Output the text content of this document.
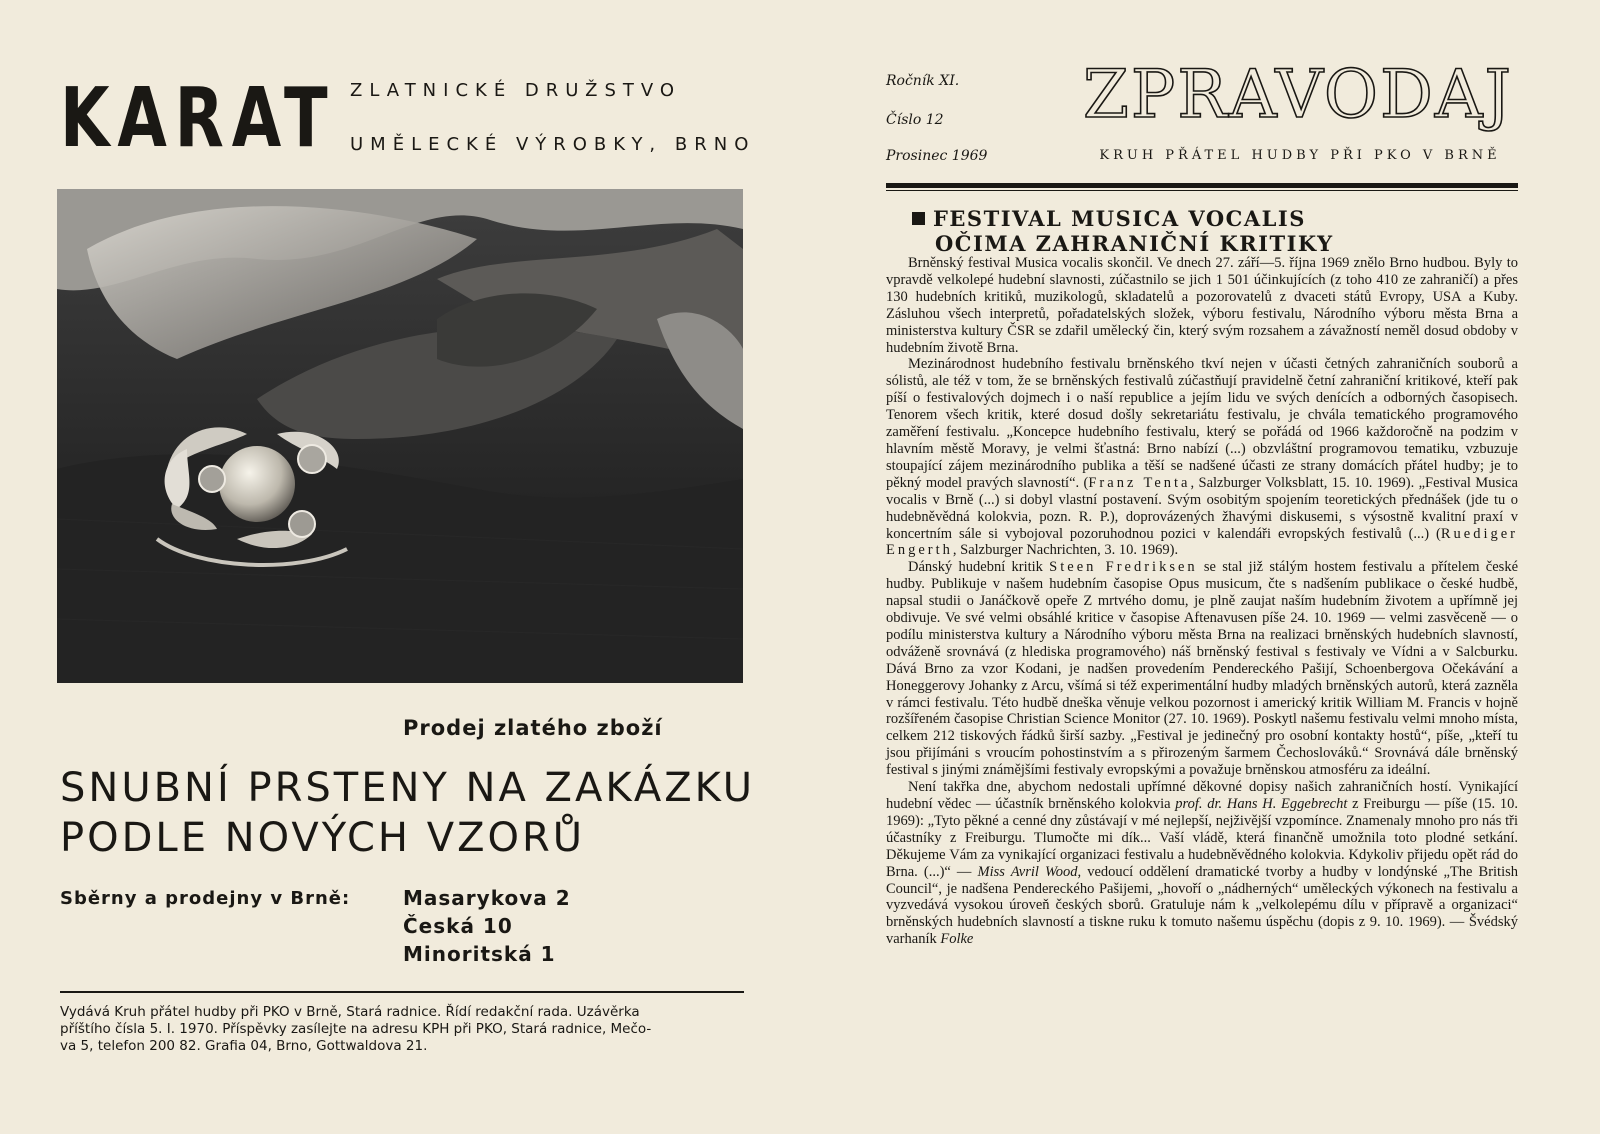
KARAT ZLATNICKÉ DRUŽSTVO
UMĚLECKÉ VÝROBKY, BRNO
Prodej zlatého zboží
SNUBNÍ PRSTENY NA ZAKÁZKU
PODLE NOVÝCH VZORŮ
Sběrny a prodejny v Brně:	Masarykova 2
Česká 10
Minoritská 1
Vydává Kruh přátel hudby při PKO v Brně, Stará radnice. Řídí redakční rada. Uzávěrka
příštího čísla 5. I. 1970. Příspěvky zasílejte na adresu KPH při PKO, Stará radnice, Mečo-
va 5, telefon 200 82. Grafia 04, Brno, Gottwaldova 21.
Ročník XI.
Číslo 12
Prosinec 1969
ZPRAVODAJ
KRUH PŘÁTEL HUDBY PŘI PKO V BRNĚ
FESTIVAL MUSICA VOCALIS
OČIMA ZAHRANIČNÍ KRITIKY

Brněnský festival Musica vocalis skončil. Ve dnech 27. září—5. října 1969 znělo Brno hudbou. Byly to vpravdě velkolepé hudební slavnosti, zúčastnilo se jich 1 501 účinkujících (z toho 410 ze zahraničí) a přes 130 hudebních kritiků, muzikologů, skladatelů a pozorovatelů z dvaceti států Evropy, USA a Kuby. Zásluhou všech interpretů, pořadatelských složek, výboru festivalu, Národního výboru města Brna a ministerstva kultury ČSR se zdařil umělecký čin, který svým rozsahem a závažností neměl dosud obdoby v hudebním životě Brna.

Mezinárodnost hudebního festivalu brněnského tkví nejen v účasti četných zahraničních souborů a sólistů, ale též v tom, že se brněnských festivalů zúčastňují pravidelně četní zahraniční kritikové, kteří pak píší o festivalových dojmech i o naší republice a jejím lidu ve svých denících a odborných časopisech. Tenorem všech kritik, které dosud došly sekretariátu festivalu, je chvála tematického programového zaměření festivalu. „Koncepce hudebního festivalu, který se pořádá od 1966 každoročně na podzim v hlavním městě Moravy, je velmi šťastná: Brno nabízí (...) obzvláštní programovou tematiku, vzbuzuje stoupající zájem mezinárodního publika a těší se nadšené účasti ze strany domácích přátel hudby; je to pěkný model pravých slavností“. (Franz Tenta, Salzburger Volksblatt, 15. 10. 1969). „Festival Musica vocalis v Brně (...) si dobyl vlastní postavení. Svým osobitým spojením teoretických přednášek (jde tu o hudebněvědná kolokvia, pozn. R. P.), doprovázených žhavými diskusemi, s výsostně kvalitní praxí v koncertním sále si vybojoval pozoruhodnou pozici v kalendáři evropských festivalů (...) (Ruediger Engerth, Salzburger Nachrichten, 3. 10. 1969).

Dánský hudební kritik Steen Fredriksen se stal již stálým hostem festivalu a přítelem české hudby. Publikuje v našem hudebním časopise Opus musicum, čte s nadšením publikace o české hudbě, napsal studii o Janáčkově opeře Z mrtvého domu, je plně zaujat naším hudebním životem a upřímně jej obdivuje. Ve své velmi obsáhlé kritice v časopise Aftenavusen píše 24. 10. 1969 — velmi zasvěceně — o podílu ministerstva kultury a Národního výboru města Brna na realizaci brněnských hudebních slavností, odváženě srovnává (z hlediska programového) náš brněnský festival s festivaly ve Vídni a v Salcburku. Dává Brno za vzor Kodani, je nadšen provedením Pendereckého Pašijí, Schoenbergova Očekávání a Honeggerovy Johanky z Arcu, všímá si též experimentální hudby mladých brněnských autorů, která zazněla v rámci festivalu. Této hudbě dneška věnuje velkou pozornost i americký kritik William M. Francis v hojně rozšířeném časopise Christian Science Monitor (27. 10. 1969). Poskytl našemu festivalu velmi mnoho místa, celkem 212 tiskových řádků širší sazby. „Festival je jedinečný pro osobní kontakty hostů“, píše, „kteří tu jsou přijímáni s vroucím pohostinstvím a s přirozeným šarmem Čechoslováků.“ Srovnává dále brněnský festival s jinými známějšími festivaly evropskými a považuje brněnskou atmosféru za ideální.

Není takřka dne, abychom nedostali upřímné děkovné dopisy našich zahraničních hostí. Vynikající hudební vědec — účastník brněnského kolokvia prof. dr. Hans H. Eggebrecht z Freiburgu — píše (15. 10. 1969): „Tyto pěkné a cenné dny zůstávají v mé nejlepší, nejživější vzpomínce. Znamenaly mnoho pro nás tři účastníky z Freiburgu. Tlumočte mi dík... Vaší vládě, která finančně umožnila toto plodné setkání. Děkujeme Vám za vynikající organizaci festivalu a hudebněvědného kolokvia. Kdykoliv přijedu opět rád do Brna. (...)“ — Miss Avril Wood, vedoucí oddělení dramatické tvorby a hudby v londýnské „The British Council“, je nadšena Pendereckého Pašijemi, „hovoří o „nádherných“ uměleckých výkonech na festivalu a vyzvedává vysokou úroveň českých sborů. Gratuluje nám k „velkolepému dílu v přípravě a organizaci“ brněnských hudebních slavností a tiskne ruku k tomuto našemu úspěchu (dopis z 9. 10. 1969). — Švédský varhaník Folke
